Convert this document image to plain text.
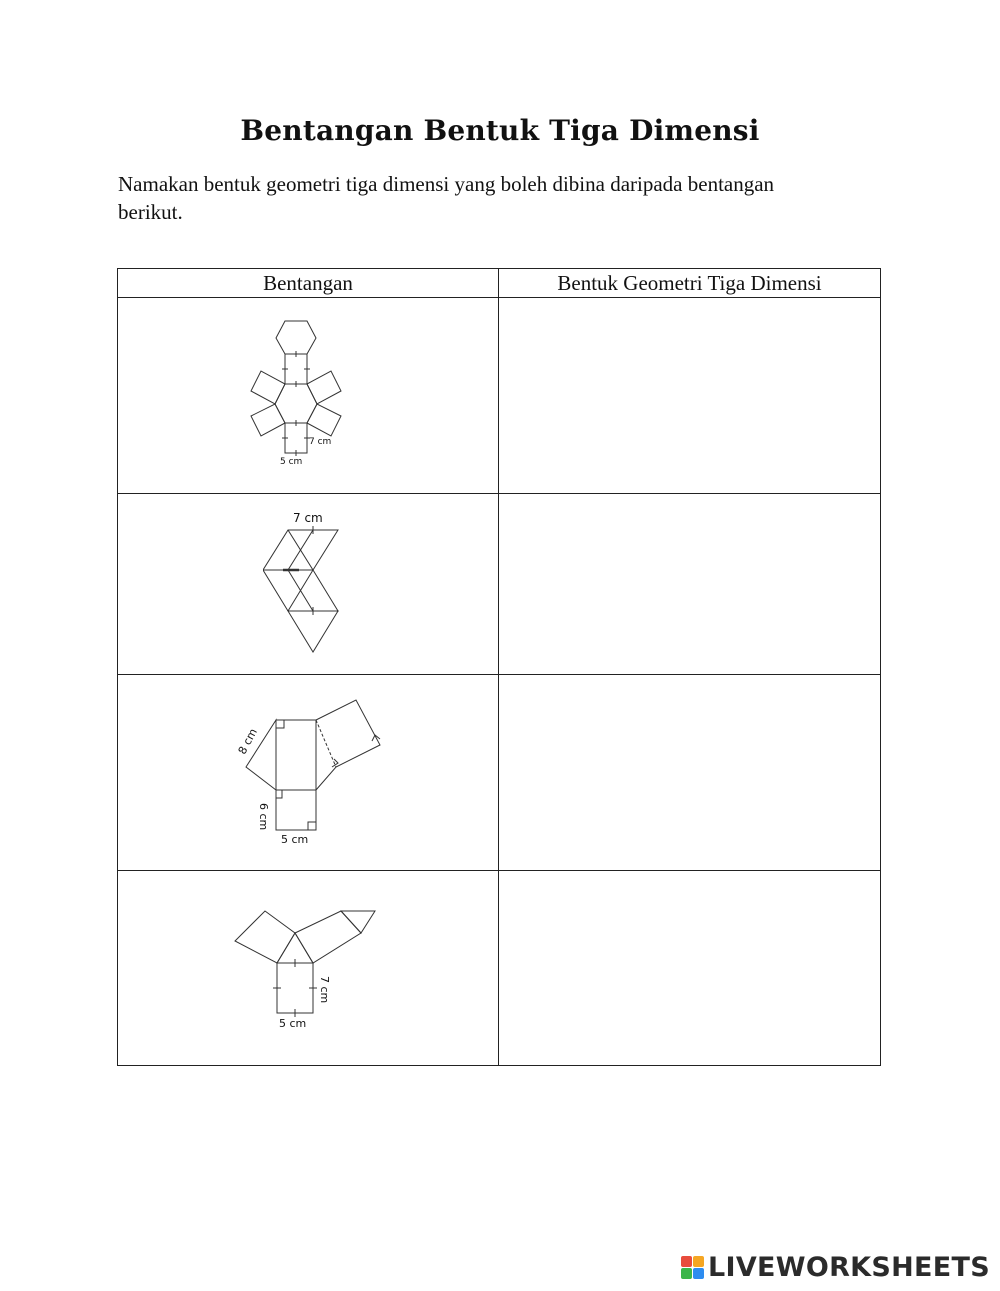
Bentangan Bentuk Tiga Dimensi
Namakan bentuk geometri tiga dimensi yang boleh dibina daripada bentangan berikut.
Bentangan	Bentuk Geometri Tiga Dimensi

7 cm
5 cm	

7 cm	

8 cm
6 cm
5 cm	

7 cm
5 cm	

LIVEWORKSHEETS
